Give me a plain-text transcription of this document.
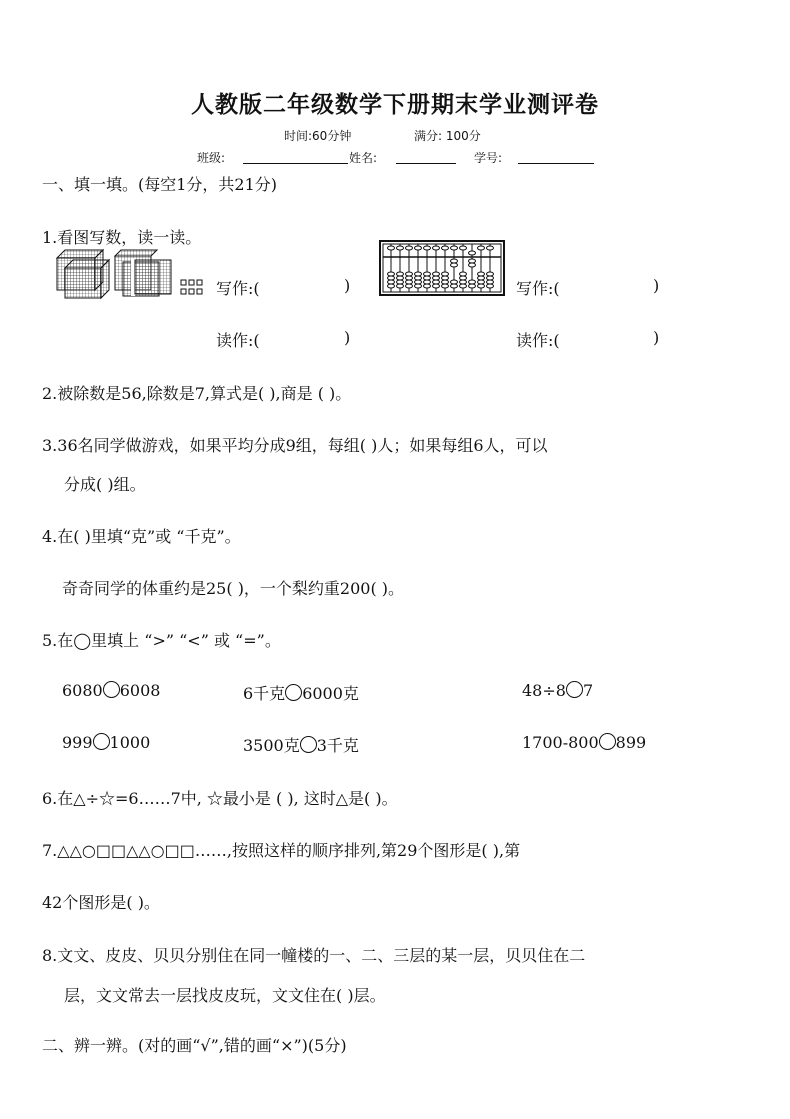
人教版二年级数学下册期末学业测评卷
时间:60分钟	满分: 100分
班级:	姓名:	学号:
一、填一填。(每空1分，共21分)
1.看图写数，读一读。
写作:(	)
读作:(	)
写作:(	)
读作:(	)
2.被除数是56,除数是7,算式是( ),商是 ( )。
3.36名同学做游戏，如果平均分成9组，每组( )人；如果每组6人，可以
分成( )组。
4.在( )里填“克”或 “千克”。
奇奇同学的体重约是25( )，一个梨约重200( )。
5.在◯里填上 “>” “<” 或 “=”。
6080 6008	6千克 6000克	48÷8 7
999 1000	3500克 3千克	1700-800 899
6.在△÷☆=6……7中, ☆最小是 ( ), 这时△是( )。
7.△△○□□△△○□□……,按照这样的顺序排列,第29个图形是( ),第
42个图形是( )。
8.文文、皮皮、贝贝分别住在同一幢楼的一、二、三层的某一层，贝贝住在二
层，文文常去一层找皮皮玩，文文住在( )层。
二、辨一辨。(对的画“√”,错的画“×”)(5分)
